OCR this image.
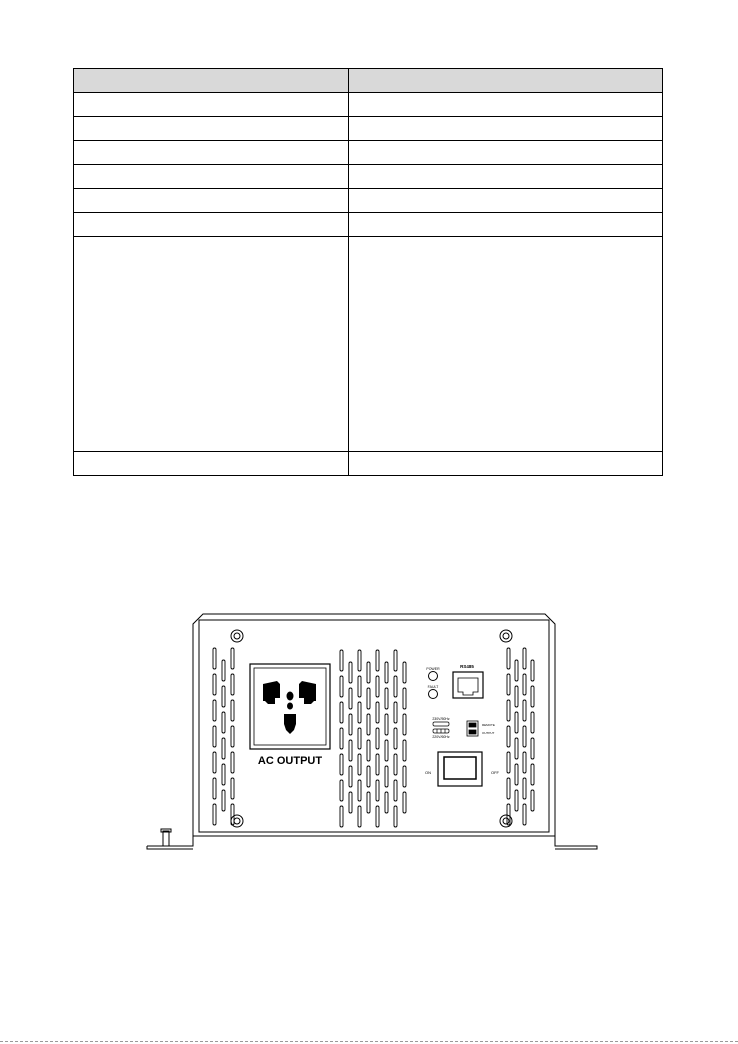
AC OUTPUT
POWER
FAULT
RS485
230V/50Hz
220V/60Hz
REMOTE
OUTPUT
ON	OFF
